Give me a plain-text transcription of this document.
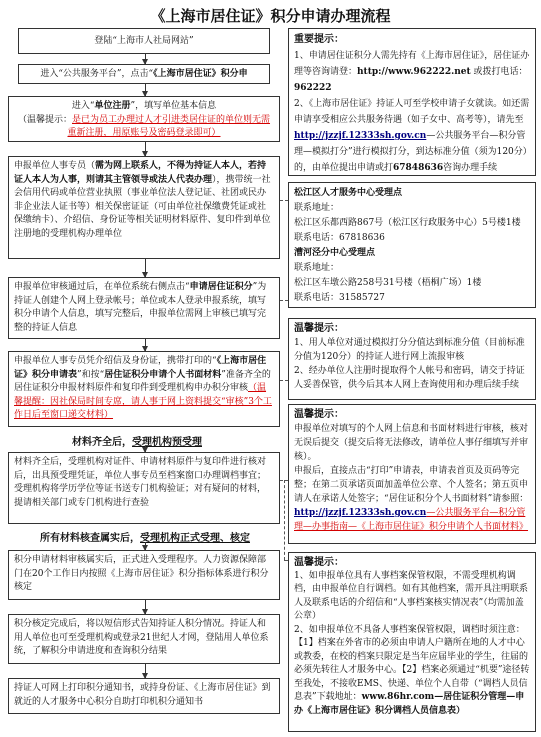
《上海市居住证》积分申请办理流程
登陆“上海市人社局网站”
进入“公共服务平台”，点击“《上海市居住证》积分申
进入“单位注册”，填写单位基本信息
（温馨提示：是已为员工办理过人才引进类居住证的单位则无需重新注册，用原账号及密码登录即可）
申报单位人事专员（需为网上联系人，不得为持证人本人，若持证人本人为人事，则请其主管领导或法人代表办理），携带统一社会信用代码或单位营业执照（事业单位法人登记证、社团或民办非企业法人证书等）相关保密证证（可由单位社保缴费凭证或社保缴纳卡）、介绍信、身份证等相关证明材料原件、复印件到单位注册地的受理机构办理单位
申报单位审核通过后，在单位系统右侧点击“申请居住证积分”为持证人创建个人网上登录帐号；单位或本人登录申报系统，填写积分申请个人信息，填写完整后，申报单位需网上审核已填写完整的持证人信息
申报单位人事专员凭介绍信及身份证，携带打印的“《上海市居住证》积分申请表”和按“居住证积分申请个人书面材料”准备齐全的居住证积分申报材料原件和复印件到受理机构申办积分审核（温馨提醒：因社保局时间专席，请人事于网上资料提交“审核”3个工作日后至窗口递交材料）
材料齐全后，受理机构预受理
材料齐全后，受理机构对证件、申请材料原件与复印件进行核对后，出具预受理凭证，单位人事专员至档案窗口办理调档事宜；受理机构将学历学位等证书送专门机构验证；对有疑问的材料，提请相关部门或专门机构进行查验
所有材料核查属实后，受理机构正式受理、核定
积分申请材料审核属实后，正式进入受理程序。人力资源保障部门在20个工作日内按照《上海市居住证》积分指标体系进行积分核定
积分核定完成后，将以短信形式告知持证人积分情况。持证人和用人单位也可至受理机构或登录21世纪人才网，登陆用人单位系统，了解积分申请进度和查询积分结果
持证人可网上打印积分通知书，或持身份证、《上海市居住证》到就近的人才服务中心积分自助打印机积分通知书
重要提示：
1、申请居住证积分人需先持有《上海市居住证》，居住证办理等咨询请登：http://www.962222.net 或拨打电话：962222
2、《上海市居住证》持证人可至学校申请子女就读。如还需申请享受相应公共服务待遇（如子女中、高考等），请先至http://jzzjf.12333sh.gov.cn—公共服务平台—积分管理—模拟打分”进行模拟打分，到达标准分值（须为120分）的，由单位提出申请或打67848636咨询办理手续
松江区人才服务中心受理点
联系地址：
松江区乐都西路867号（松江区行政服务中心）5号楼1楼
联系电话：67818636
漕河泾分中心受理点
联系地址：
松江区车墩公路258号31号楼（梧桐广场）1楼
联系电话：31585727
温馨提示：
1、用人单位对通过模拟打分分值达到标准分值（目前标准分值为120分）的持证人进行网上流报审核
2、经办单位人注册时提取得个人帐号和密码，请交于持证人妥善保管，供今后其本人网上查询使用和办理后续手续
温馨提示：
申报单位对填写的个人网上信息和书面材料进行审核，核对无误后提交（提交后将无法修改，请单位人事仔细填写并审核）。
申报后，直接点击“打印”申请表，申请表首页及页码等完整；在第二页承诺页面加盖单位公章、个人签名；第五页申请人在承诺人处签字；“居住证积分个人书面材料”请参照：http://jzzjf.12333sh.gov.cn—公共服务平台—积分管理—办事指南—《上海市居住证》积分申请个人书面材料》
温馨提示：
1、如申报单位具有人事档案保管权限，不需受理机构调档，由申报单位自行调档。如有其他档案，需开具注明联系人及联系电话的介绍信和“人事档案核实情况表”（均需加盖公章）
2、如申报单位不具备人事档案保管权限，调档时须注意：
【1】档案在外省市的必须由申请人户籍所在地的人才中心或教委，在校的档案只限定是当年应届毕业的学生，往届的必须先转往人才服务中心。【2】档案必须通过“机要”途径转至我处，不接收EMS、快递、单位个人自带（“调档人员信息表”下载地址：www.86hr.com—居住证积分管理—申办《上海市居住证》积分调档人员信息表）
